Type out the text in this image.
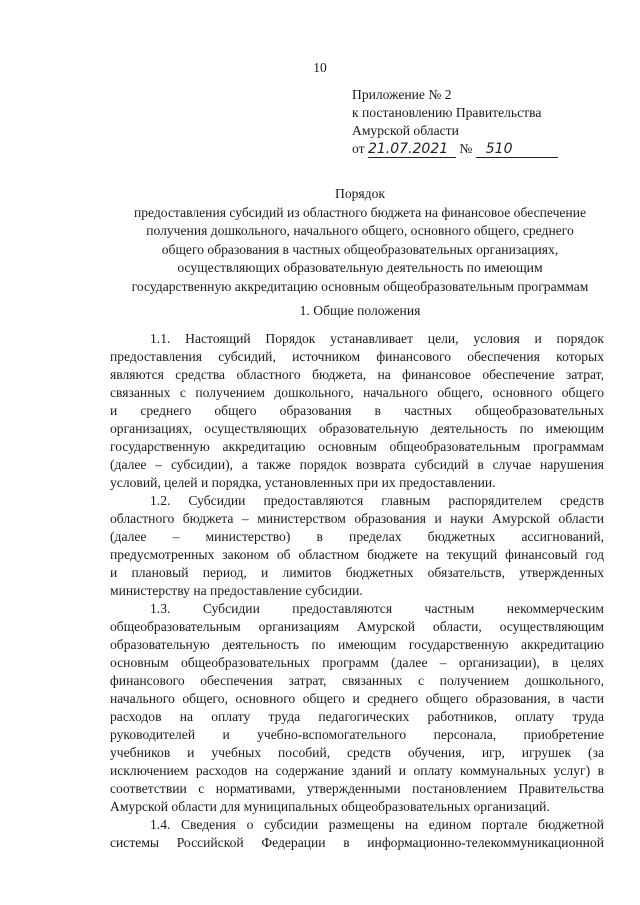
10
Приложение № 2
к постановлению Правительства
Амурской области
от 21.07.2021 № 510
Порядок
предоставления субсидий из областного бюджета на финансовое обеспечение
получения дошкольного, начального общего, основного общего, среднего
общего образования в частных общеобразовательных организациях,
осуществляющих образовательную деятельность по имеющим
государственную аккредитацию основным общеобразовательным программам
1. Общие положения
1.1. Настоящий Порядок устанавливает цели, условия и порядок
предоставления субсидий, источником финансового обеспечения которых
являются средства областного бюджета, на финансовое обеспечение затрат,
связанных с получением дошкольного, начального общего, основного общего
и среднего общего образования в частных общеобразовательных
организациях, осуществляющих образовательную деятельность по имеющим
государственную аккредитацию основным общеобразовательным программам
(далее – субсидии), а также порядок возврата субсидий в случае нарушения
условий, целей и порядка, установленных при их предоставлении.
1.2. Субсидии предоставляются главным распорядителем средств
областного бюджета – министерством образования и науки Амурской области
(далее – министерство) в пределах бюджетных ассигнований,
предусмотренных законом об областном бюджете на текущий финансовый год
и плановый период, и лимитов бюджетных обязательств, утвержденных
министерству на предоставление субсидии.
1.3. Субсидии предоставляются частным некоммерческим
общеобразовательным организациям Амурской области, осуществляющим
образовательную деятельность по имеющим государственную аккредитацию
основным общеобразовательных программ (далее – организации), в целях
финансового обеспечения затрат, связанных с получением дошкольного,
начального общего, основного общего и среднего общего образования, в части
расходов на оплату труда педагогических работников, оплату труда
руководителей и учебно-вспомогательного персонала, приобретение
учебников и учебных пособий, средств обучения, игр, игрушек (за
исключением расходов на содержание зданий и оплату коммунальных услуг) в
соответствии с нормативами, утвержденными постановлением Правительства
Амурской области для муниципальных общеобразовательных организаций.
1.4. Сведения о субсидии размещены на едином портале бюджетной
системы Российской Федерации в информационно-телекоммуникационной
